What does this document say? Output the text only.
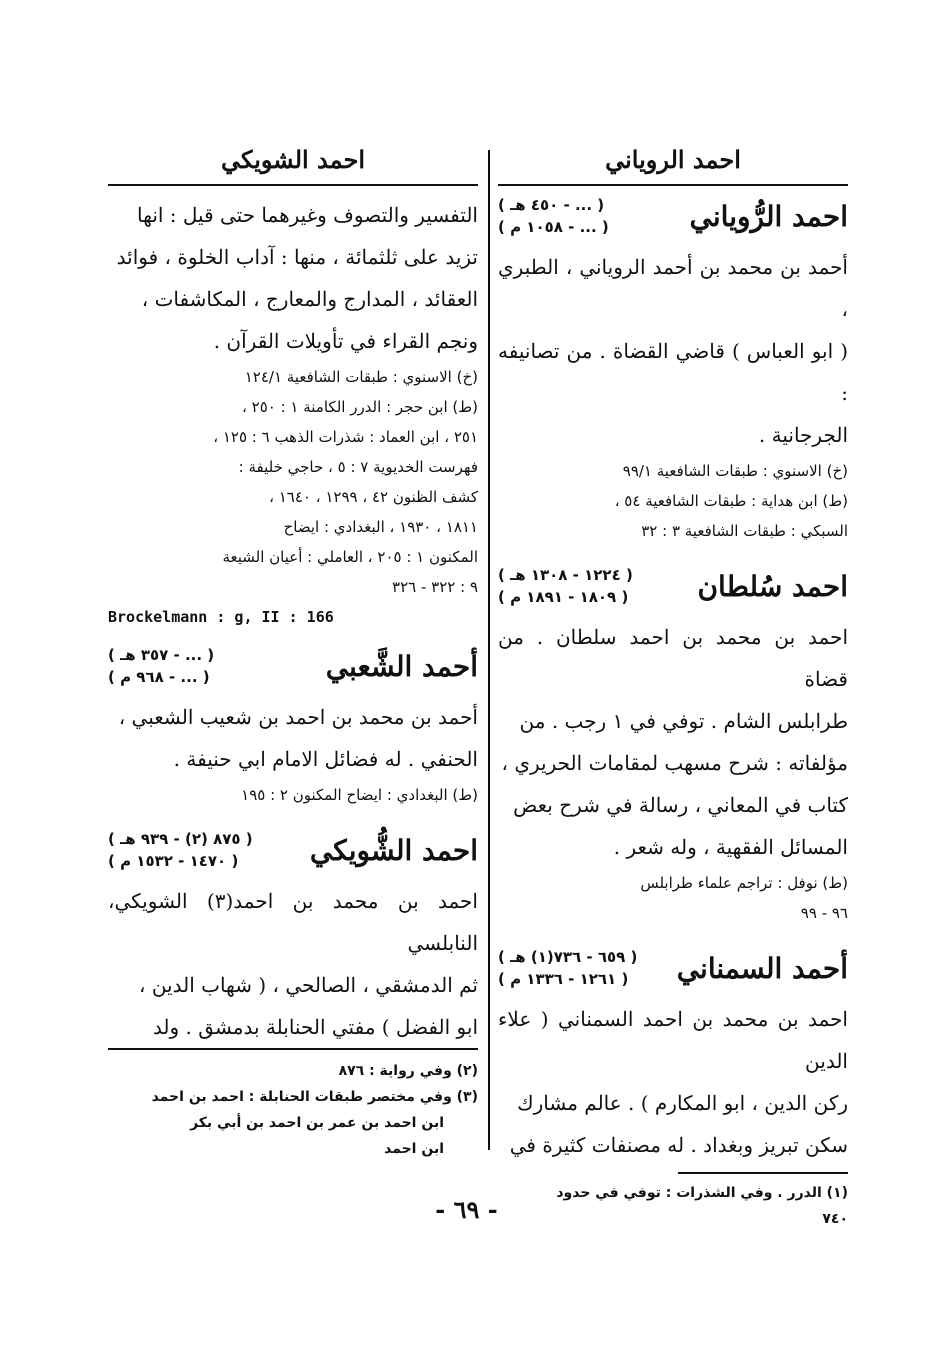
احمد الروياني
احمد الرُّوياني
( ... - ٤٥٠ هـ )
( ... - ١٠٥٨ م )

أحمد بن محمد بن أحمد الروياني ، الطبري ،

( ابو العباس ) قاضي القضاة . من تصانيفه :

الجرجانية .

(خ) الاسنوي : طبقات الشافعية ٩٩/١

(ط) ابن هداية : طبقات الشافعية ٥٤ ،

السبكي : طبقات الشافعية ٣ : ٣٢

احمد سُلطان
( ١٢٢٤ - ١٣٠٨ هـ )
( ١٨٠٩ - ١٨٩١ م )

احمد بن محمد بن احمد سلطان . من قضاة

طرابلس الشام . توفي في ١ رجب . من

مؤلفاته : شرح مسهب لمقامات الحريري ،

كتاب في المعاني ، رسالة في شرح بعض

المسائل الفقهية ، وله شعر .

(ط) نوفل : تراجم علماء طرابلس

٩٦ - ٩٩

أحمد السمناني
( ٦٥٩ - ٧٣٦(١) هـ )
( ١٢٦١ - ١٣٣٦ م )

احمد بن محمد بن احمد السمناني ( علاء الدين

ركن الدين ، ابو المكارم ) . عالم مشارك

سكن تبريز وبغداد . له مصنفات كثيرة في

(١) الدرر . وفي الشذرات : توفي في حدود

٧٤٠

احمد الشويكي

التفسير والتصوف وغيرهما حتى قيل : انها

تزيد على ثلثمائة ، منها : آداب الخلوة ، فوائد

العقائد ، المدارج والمعارج ، المكاشفات ،

ونجم القراء في تأويلات القرآن .

(خ) الاسنوي : طبقات الشافعية ١٢٤/١

(ط) ابن حجر : الدرر الكامنة ١ : ٢٥٠ ،

٢٥١ ، ابن العماد : شذرات الذهب ٦ : ١٢٥ ،

فهرست الخديوية ٧ : ٥ ، حاجي خليفة :

كشف الظنون ٤٢ ، ١٢٩٩ ، ١٦٤٠ ،

١٨١١ ، ١٩٣٠ ، البغدادي : ايضاح

المكنون ١ : ٢٠٥ ، العاملي : أعيان الشيعة

٩ : ٣٢٢ - ٣٢٦

Brockelmann : g, II : 166

أحمد الشَّعبي
( ... - ٣٥٧ هـ )
( ... - ٩٦٨ م )

أحمد بن محمد بن احمد بن شعيب الشعبي ،

الحنفي . له فضائل الامام ابي حنيفة .

(ط) البغدادي : ايضاح المكنون ٢ : ١٩٥

احمد الشُّويكي
( ٨٧٥ (٢) - ٩٣٩ هـ )
( ١٤٧٠ - ١٥٣٢ م )

احمد بن محمد بن احمد(٣) الشويكي، النابلسي

ثم الدمشقي ، الصالحي ، ( شهاب الدين ،

ابو الفضل ) مفتي الحنابلة بدمشق . ولد

(٢) وفي رواية : ٨٧٦

(٣) وفي مختصر طبقات الحنابلة : احمد بن احمد

ابن احمد بن عمر بن احمد بن أبي بكر

ابن احمد

- ٦٩ -
